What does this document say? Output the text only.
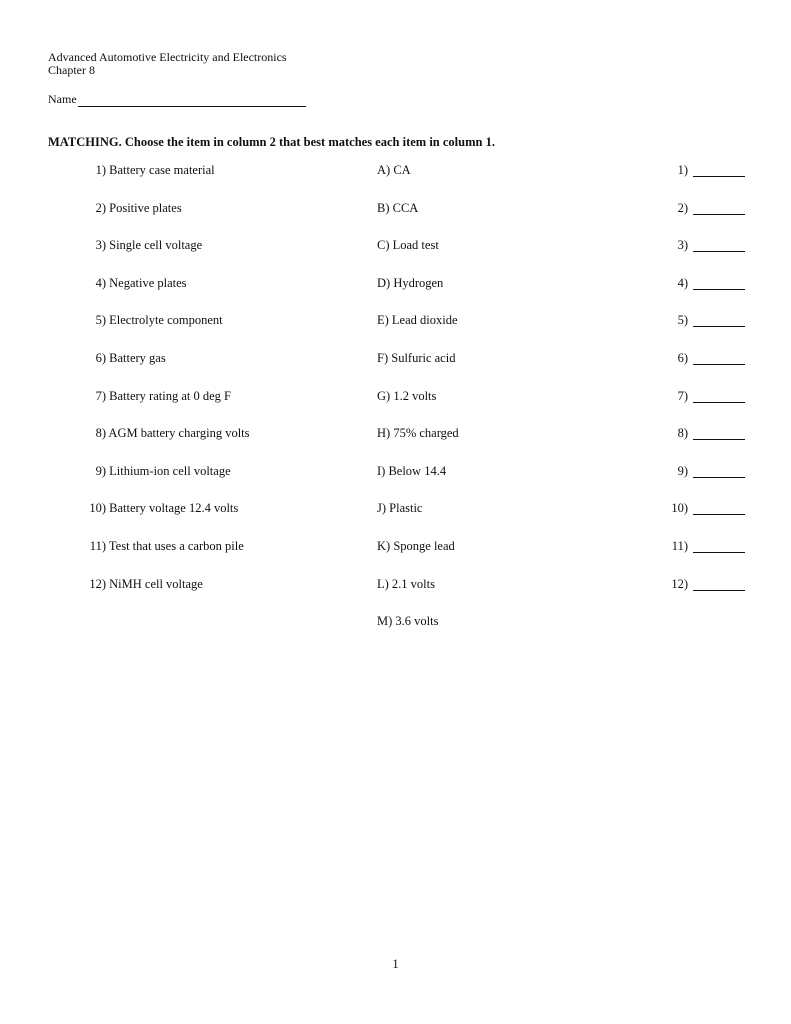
Advanced Automotive Electricity and Electronics
Chapter 8
Name
MATCHING. Choose the item in column 2 that best matches each item in column 1.
1) Battery case material	A) CA	1)
2) Positive plates	B) CCA	2)
3) Single cell voltage	C) Load test	3)
4) Negative plates	D) Hydrogen	4)
5) Electrolyte component	E) Lead dioxide	5)
6) Battery gas	F) Sulfuric acid	6)
7) Battery rating at 0 deg F	G) 1.2 volts	7)
8) AGM battery charging volts	H) 75% charged	8)
9) Lithium-ion cell voltage	I) Below 14.4	9)
10) Battery voltage 12.4 volts	J) Plastic	10)
11) Test that uses a carbon pile	K) Sponge lead	11)
12) NiMH cell voltage	L) 2.1 volts	12)
M) 3.6 volts
1
